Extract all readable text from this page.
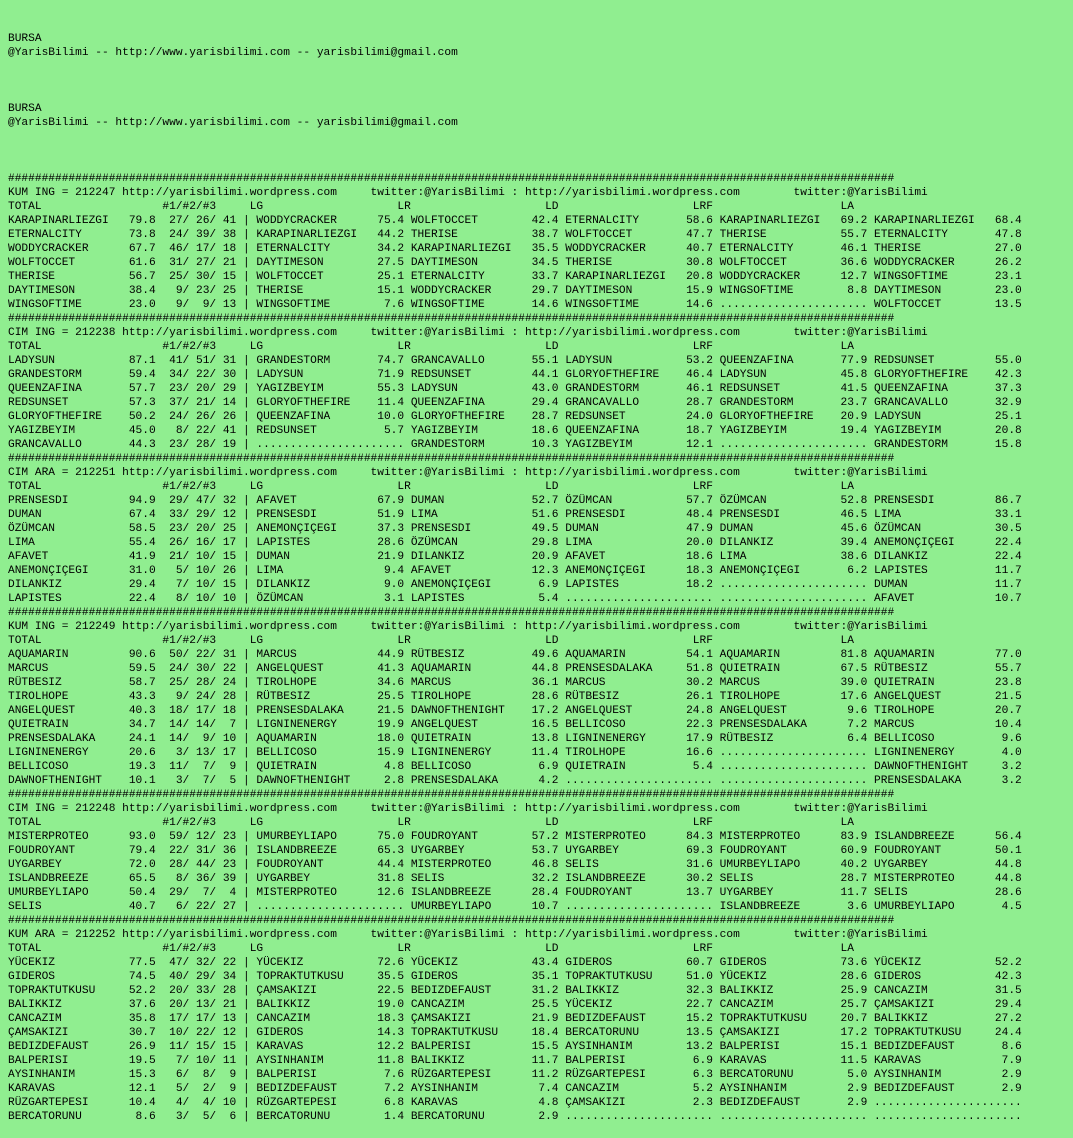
BURSA
@YarisBilimi -- http://www.yarisbilimi.com -- yarisbilimi@gmail.com

BURSA
@YarisBilimi -- http://www.yarisbilimi.com -- yarisbilimi@gmail.com

####################################################################################################################################
KUM ING = 212247 http://yarisbilimi.wordpress.com     twitter:@YarisBilimi : http://yarisbilimi.wordpress.com        twitter:@YarisBilimi
TOTAL                  #1/#2/#3     LG                    LR                    LD                    LRF                   LA
KARAPINARLIEZGI   79.8  27/ 26/ 41 | WODDYCRACKER      75.4 WOLFTOCCET        42.4 ETERNALCITY       58.6 KARAPINARLIEZGI   69.2 KARAPINARLIEZGI   68.4
ETERNALCITY       73.8  24/ 39/ 38 | KARAPINARLIEZGI   44.2 THERISE           38.7 WOLFTOCCET        47.7 THERISE           55.7 ETERNALCITY       47.8
WODDYCRACKER      67.7  46/ 17/ 18 | ETERNALCITY       34.2 KARAPINARLIEZGI   35.5 WODDYCRACKER      40.7 ETERNALCITY       46.1 THERISE           27.0
WOLFTOCCET        61.6  31/ 27/ 21 | DAYTIMESON        27.5 DAYTIMESON        34.5 THERISE           30.8 WOLFTOCCET        36.6 WODDYCRACKER      26.2
THERISE           56.7  25/ 30/ 15 | WOLFTOCCET        25.1 ETERNALCITY       33.7 KARAPINARLIEZGI   20.8 WODDYCRACKER      12.7 WINGSOFTIME       23.1
DAYTIMESON        38.4   9/ 23/ 25 | THERISE           15.1 WODDYCRACKER      29.7 DAYTIMESON        15.9 WINGSOFTIME        8.8 DAYTIMESON        23.0
WINGSOFTIME       23.0   9/  9/ 13 | WINGSOFTIME        7.6 WINGSOFTIME       14.6 WINGSOFTIME       14.6 ...................... WOLFTOCCET        13.5
####################################################################################################################################
CIM ING = 212238 http://yarisbilimi.wordpress.com     twitter:@YarisBilimi : http://yarisbilimi.wordpress.com        twitter:@YarisBilimi
TOTAL                  #1/#2/#3     LG                    LR                    LD                    LRF                   LA
LADYSUN           87.1  41/ 51/ 31 | GRANDESTORM       74.7 GRANCAVALLO       55.1 LADYSUN           53.2 QUEENZAFINA       77.9 REDSUNSET         55.0
GRANDESTORM       59.4  34/ 22/ 30 | LADYSUN           71.9 REDSUNSET         44.1 GLORYOFTHEFIRE    46.4 LADYSUN           45.8 GLORYOFTHEFIRE    42.3
QUEENZAFINA       57.7  23/ 20/ 29 | YAGIZBEYIM        55.3 LADYSUN           43.0 GRANDESTORM       46.1 REDSUNSET         41.5 QUEENZAFINA       37.3
REDSUNSET         57.3  37/ 21/ 14 | GLORYOFTHEFIRE    11.4 QUEENZAFINA       29.4 GRANCAVALLO       28.7 GRANDESTORM       23.7 GRANCAVALLO       32.9
GLORYOFTHEFIRE    50.2  24/ 26/ 26 | QUEENZAFINA       10.0 GLORYOFTHEFIRE    28.7 REDSUNSET         24.0 GLORYOFTHEFIRE    20.9 LADYSUN           25.1
YAGIZBEYIM        45.0   8/ 22/ 41 | REDSUNSET          5.7 YAGIZBEYIM        18.6 QUEENZAFINA       18.7 YAGIZBEYIM        19.4 YAGIZBEYIM        20.8
GRANCAVALLO       44.3  23/ 28/ 19 | ...................... GRANDESTORM       10.3 YAGIZBEYIM        12.1 ...................... GRANDESTORM       15.8
####################################################################################################################################
CIM ARA = 212251 http://yarisbilimi.wordpress.com     twitter:@YarisBilimi : http://yarisbilimi.wordpress.com        twitter:@YarisBilimi
TOTAL                  #1/#2/#3     LG                    LR                    LD                    LRF                   LA
PRENSESDI         94.9  29/ 47/ 32 | AFAVET            67.9 DUMAN             52.7 ÖZÜMCAN           57.7 ÖZÜMCAN           52.8 PRENSESDI         86.7
DUMAN             67.4  33/ 29/ 12 | PRENSESDI         51.9 LIMA              51.6 PRENSESDI         48.4 PRENSESDI         46.5 LIMA              33.1
ÖZÜMCAN           58.5  23/ 20/ 25 | ANEMONÇIÇEGI      37.3 PRENSESDI         49.5 DUMAN             47.9 DUMAN             45.6 ÖZÜMCAN           30.5
LIMA              55.4  26/ 16/ 17 | LAPISTES          28.6 ÖZÜMCAN           29.8 LIMA              20.0 DILANKIZ          39.4 ANEMONÇIÇEGI      22.4
AFAVET            41.9  21/ 10/ 15 | DUMAN             21.9 DILANKIZ          20.9 AFAVET            18.6 LIMA              38.6 DILANKIZ          22.4
ANEMONÇIÇEGI      31.0   5/ 10/ 26 | LIMA               9.4 AFAVET            12.3 ANEMONÇIÇEGI      18.3 ANEMONÇIÇEGI       6.2 LAPISTES          11.7
DILANKIZ          29.4   7/ 10/ 15 | DILANKIZ           9.0 ANEMONÇIÇEGI       6.9 LAPISTES          18.2 ...................... DUMAN             11.7
LAPISTES          22.4   8/ 10/ 10 | ÖZÜMCAN            3.1 LAPISTES           5.4 ...................... ...................... AFAVET            10.7
####################################################################################################################################
KUM ING = 212249 http://yarisbilimi.wordpress.com     twitter:@YarisBilimi : http://yarisbilimi.wordpress.com        twitter:@YarisBilimi
TOTAL                  #1/#2/#3     LG                    LR                    LD                    LRF                   LA
AQUAMARIN         90.6  50/ 22/ 31 | MARCUS            44.9 RÜTBESIZ          49.6 AQUAMARIN         54.1 AQUAMARIN         81.8 AQUAMARIN         77.0
MARCUS            59.5  24/ 30/ 22 | ANGELQUEST        41.3 AQUAMARIN         44.8 PRENSESDALAKA     51.8 QUIETRAIN         67.5 RÜTBESIZ          55.7
RÜTBESIZ          58.7  25/ 28/ 24 | TIROLHOPE         34.6 MARCUS            36.1 MARCUS            30.2 MARCUS            39.0 QUIETRAIN         23.8
TIROLHOPE         43.3   9/ 24/ 28 | RÜTBESIZ          25.5 TIROLHOPE         28.6 RÜTBESIZ          26.1 TIROLHOPE         17.6 ANGELQUEST        21.5
ANGELQUEST        40.3  18/ 17/ 18 | PRENSESDALAKA     21.5 DAWNOFTHENIGHT    17.2 ANGELQUEST        24.8 ANGELQUEST         9.6 TIROLHOPE         20.7
QUIETRAIN         34.7  14/ 14/  7 | LIGNINENERGY      19.9 ANGELQUEST        16.5 BELLICOSO         22.3 PRENSESDALAKA      7.2 MARCUS            10.4
PRENSESDALAKA     24.1  14/  9/ 10 | AQUAMARIN         18.0 QUIETRAIN         13.8 LIGNINENERGY      17.9 RÜTBESIZ           6.4 BELLICOSO          9.6
LIGNINENERGY      20.6   3/ 13/ 17 | BELLICOSO         15.9 LIGNINENERGY      11.4 TIROLHOPE         16.6 ...................... LIGNINENERGY       4.0
BELLICOSO         19.3  11/  7/  9 | QUIETRAIN          4.8 BELLICOSO          6.9 QUIETRAIN          5.4 ...................... DAWNOFTHENIGHT     3.2
DAWNOFTHENIGHT    10.1   3/  7/  5 | DAWNOFTHENIGHT     2.8 PRENSESDALAKA      4.2 ...................... ...................... PRENSESDALAKA      3.2
####################################################################################################################################
CIM ING = 212248 http://yarisbilimi.wordpress.com     twitter:@YarisBilimi : http://yarisbilimi.wordpress.com        twitter:@YarisBilimi
TOTAL                  #1/#2/#3     LG                    LR                    LD                    LRF                   LA
MISTERPROTEO      93.0  59/ 12/ 23 | UMURBEYLIAPO      75.0 FOUDROYANT        57.2 MISTERPROTEO      84.3 MISTERPROTEO      83.9 ISLANDBREEZE      56.4
FOUDROYANT        79.4  22/ 31/ 36 | ISLANDBREEZE      65.3 UYGARBEY          53.7 UYGARBEY          69.3 FOUDROYANT        60.9 FOUDROYANT        50.1
UYGARBEY          72.0  28/ 44/ 23 | FOUDROYANT        44.4 MISTERPROTEO      46.8 SELIS             31.6 UMURBEYLIAPO      40.2 UYGARBEY          44.8
ISLANDBREEZE      65.5   8/ 36/ 39 | UYGARBEY          31.8 SELIS             32.2 ISLANDBREEZE      30.2 SELIS             28.7 MISTERPROTEO      44.8
UMURBEYLIAPO      50.4  29/  7/  4 | MISTERPROTEO      12.6 ISLANDBREEZE      28.4 FOUDROYANT        13.7 UYGARBEY          11.7 SELIS             28.6
SELIS             40.7   6/ 22/ 27 | ...................... UMURBEYLIAPO      10.7 ...................... ISLANDBREEZE       3.6 UMURBEYLIAPO       4.5
####################################################################################################################################
KUM ARA = 212252 http://yarisbilimi.wordpress.com     twitter:@YarisBilimi : http://yarisbilimi.wordpress.com        twitter:@YarisBilimi
TOTAL                  #1/#2/#3     LG                    LR                    LD                    LRF                   LA
YÜCEKIZ           77.5  47/ 32/ 22 | YÜCEKIZ           72.6 YÜCEKIZ           43.4 GIDEROS           60.7 GIDEROS           73.6 YÜCEKIZ           52.2
GIDEROS           74.5  40/ 29/ 34 | TOPRAKTUTKUSU     35.5 GIDEROS           35.1 TOPRAKTUTKUSU     51.0 YÜCEKIZ           28.6 GIDEROS           42.3
TOPRAKTUTKUSU     52.2  20/ 33/ 28 | ÇAMSAKIZI         22.5 BEDIZDEFAUST      31.2 BALIKKIZ          32.3 BALIKKIZ          25.9 CANCAZIM          31.5
BALIKKIZ          37.6  20/ 13/ 21 | BALIKKIZ          19.0 CANCAZIM          25.5 YÜCEKIZ           22.7 CANCAZIM          25.7 ÇAMSAKIZI         29.4
CANCAZIM          35.8  17/ 17/ 13 | CANCAZIM          18.3 ÇAMSAKIZI         21.9 BEDIZDEFAUST      15.2 TOPRAKTUTKUSU     20.7 BALIKKIZ          27.2
ÇAMSAKIZI         30.7  10/ 22/ 12 | GIDEROS           14.3 TOPRAKTUTKUSU     18.4 BERCATORUNU       13.5 ÇAMSAKIZI         17.2 TOPRAKTUTKUSU     24.4
BEDIZDEFAUST      26.9  11/ 15/ 15 | KARAVAS           12.2 BALPERISI         15.5 AYSINHANIM        13.2 BALPERISI         15.1 BEDIZDEFAUST       8.6
BALPERISI         19.5   7/ 10/ 11 | AYSINHANIM        11.8 BALIKKIZ          11.7 BALPERISI          6.9 KARAVAS           11.5 KARAVAS            7.9
AYSINHANIM        15.3   6/  8/  9 | BALPERISI          7.6 RÜZGARTEPESI      11.2 RÜZGARTEPESI       6.3 BERCATORUNU        5.0 AYSINHANIM         2.9
KARAVAS           12.1   5/  2/  9 | BEDIZDEFAUST       7.2 AYSINHANIM         7.4 CANCAZIM           5.2 AYSINHANIM         2.9 BEDIZDEFAUST       2.9
RÜZGARTEPESI      10.4   4/  4/ 10 | RÜZGARTEPESI       6.8 KARAVAS            4.8 ÇAMSAKIZI          2.3 BEDIZDEFAUST       2.9 ......................
BERCATORUNU        8.6   3/  5/  6 | BERCATORUNU        1.4 BERCATORUNU        2.9 ...................... ...................... ......................
